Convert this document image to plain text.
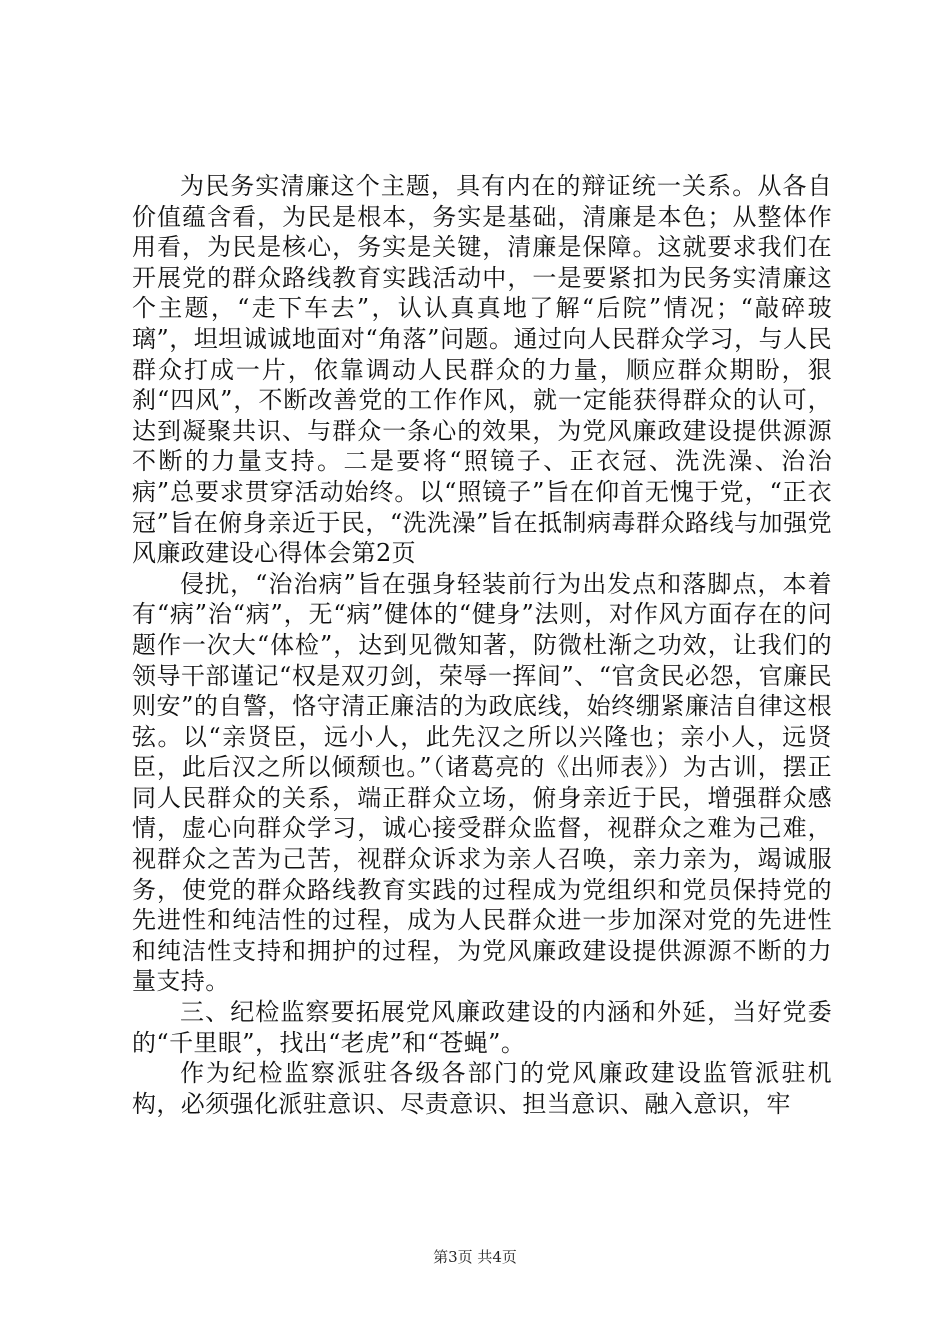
为民务实清廉这个主题，具有内在的辩证统一关系。从各自价值蕴含看，为民是根本，务实是基础，清廉是本色；从整体作用看，为民是核心，务实是关键，清廉是保障。这就要求我们在开展党的群众路线教育实践活动中，一是要紧扣为民务实清廉这个主题，“走下车去”，认认真真地了解“后院”情况；“敲碎玻璃”，坦坦诚诚地面对“角落”问题。通过向人民群众学习，与人民群众打成一片，依靠调动人民群众的力量，顺应群众期盼，狠刹“四风”，不断改善党的工作作风，就一定能获得群众的认可，达到凝聚共识、与群众一条心的效果，为党风廉政建设提供源源不断的力量支持。二是要将“照镜子、正衣冠、洗洗澡、治治病”总要求贯穿活动始终。以“照镜子”旨在仰首无愧于党，“正衣冠”旨在俯身亲近于民，“洗洗澡”旨在抵制病毒群众路线与加强党风廉政建设心得体会第2页

侵扰，“治治病”旨在强身轻装前行为出发点和落脚点，本着有“病”治“病”，无“病”健体的“健身”法则，对作风方面存在的问题作一次大“体检”，达到见微知著，防微杜渐之功效，让我们的领导干部谨记“权是双刃剑，荣辱一挥间”、“官贪民必怨，官廉民则安”的自警，恪守清正廉洁的为政底线，始终绷紧廉洁自律这根弦。以“亲贤臣，远小人，此先汉之所以兴隆也；亲小人，远贤臣，此后汉之所以倾颓也。”（诸葛亮的《出师表》）为古训，摆正同人民群众的关系，端正群众立场，俯身亲近于民，增强群众感情，虚心向群众学习，诚心接受群众监督，视群众之难为己难，视群众之苦为己苦，视群众诉求为亲人召唤，亲力亲为，竭诚服务，使党的群众路线教育实践的过程成为党组织和党员保持党的先进性和纯洁性的过程，成为人民群众进一步加深对党的先进性和纯洁性支持和拥护的过程，为党风廉政建设提供源源不断的力量支持。

三、纪检监察要拓展党风廉政建设的内涵和外延，当好党委的“千里眼”，找出“老虎”和“苍蝇”。

作为纪检监察派驻各级各部门的党风廉政建设监管派驻机构，必须强化派驻意识、尽责意识、担当意识、融入意识，牢

第3页 共4页
